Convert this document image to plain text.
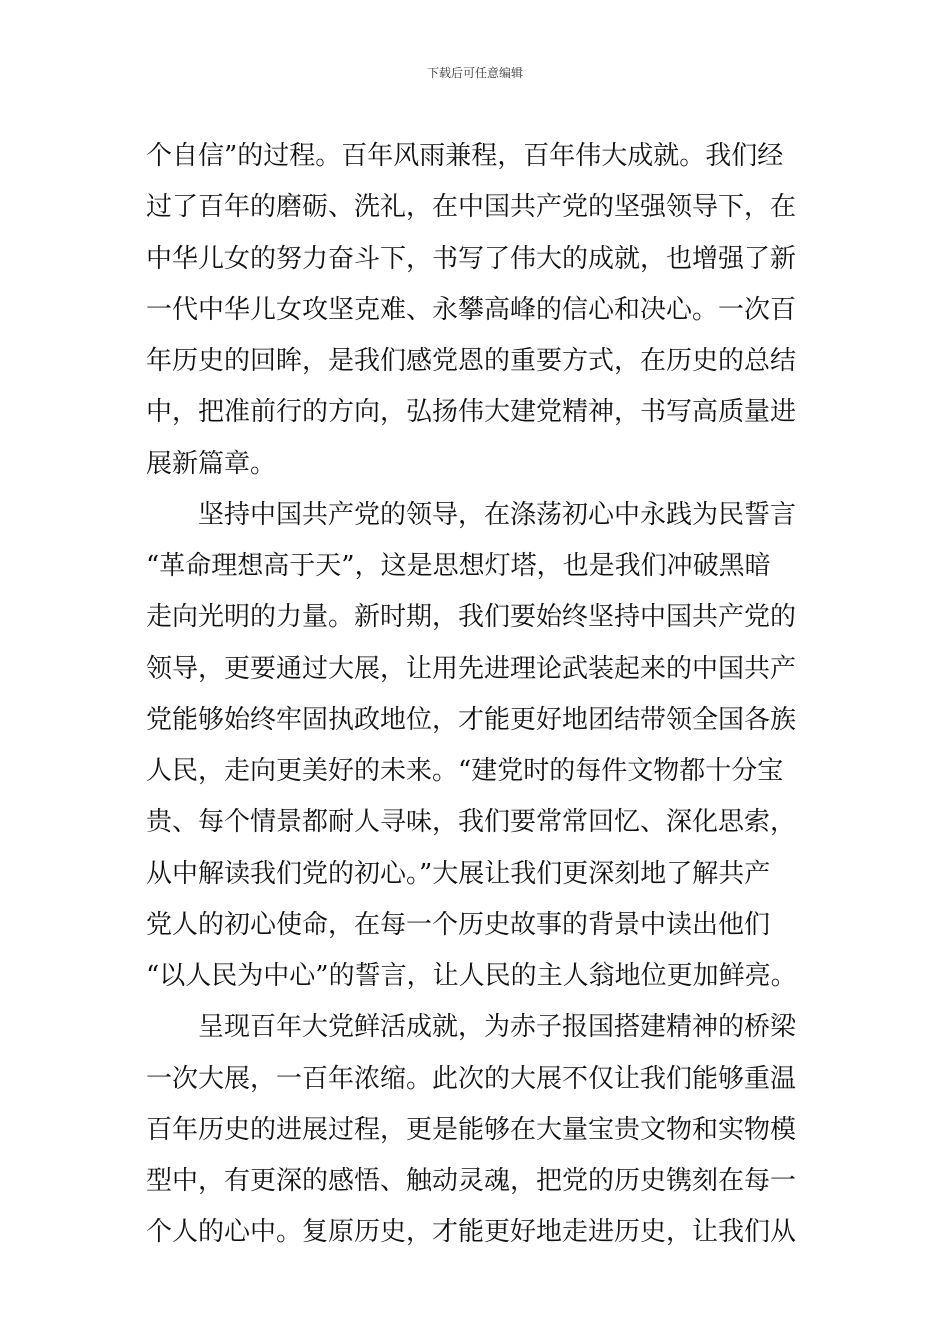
下载后可任意编辑
个自信”的过程。百年风雨兼程，百年伟大成就。我们经
过了百年的磨砺、洗礼，在中国共产党的坚强领导下，在
中华儿女的努力奋斗下，书写了伟大的成就，也增强了新
一代中华儿女攻坚克难、永攀高峰的信心和决心。一次百
年历史的回眸，是我们感党恩的重要方式，在历史的总结
中，把准前行的方向，弘扬伟大建党精神，书写高质量进
展新篇章。
坚持中国共产党的领导，在涤荡初心中永践为民誓言
“革命理想高于天”，这是思想灯塔，也是我们冲破黑暗
走向光明的力量。新时期，我们要始终坚持中国共产党的
领导，更要通过大展，让用先进理论武装起来的中国共产
党能够始终牢固执政地位，才能更好地团结带领全国各族
人民，走向更美好的未来。“建党时的每件文物都十分宝
贵、每个情景都耐人寻味，我们要常常回忆、深化思索，
从中解读我们党的初心。”大展让我们更深刻地了解共产
党人的初心使命，在每一个历史故事的背景中读出他们
“以人民为中心”的誓言，让人民的主人翁地位更加鲜亮。
呈现百年大党鲜活成就，为赤子报国搭建精神的桥梁
一次大展，一百年浓缩。此次的大展不仅让我们能够重温
百年历史的进展过程，更是能够在大量宝贵文物和实物模
型中，有更深的感悟、触动灵魂，把党的历史镌刻在每一
个人的心中。复原历史，才能更好地走进历史，让我们从
